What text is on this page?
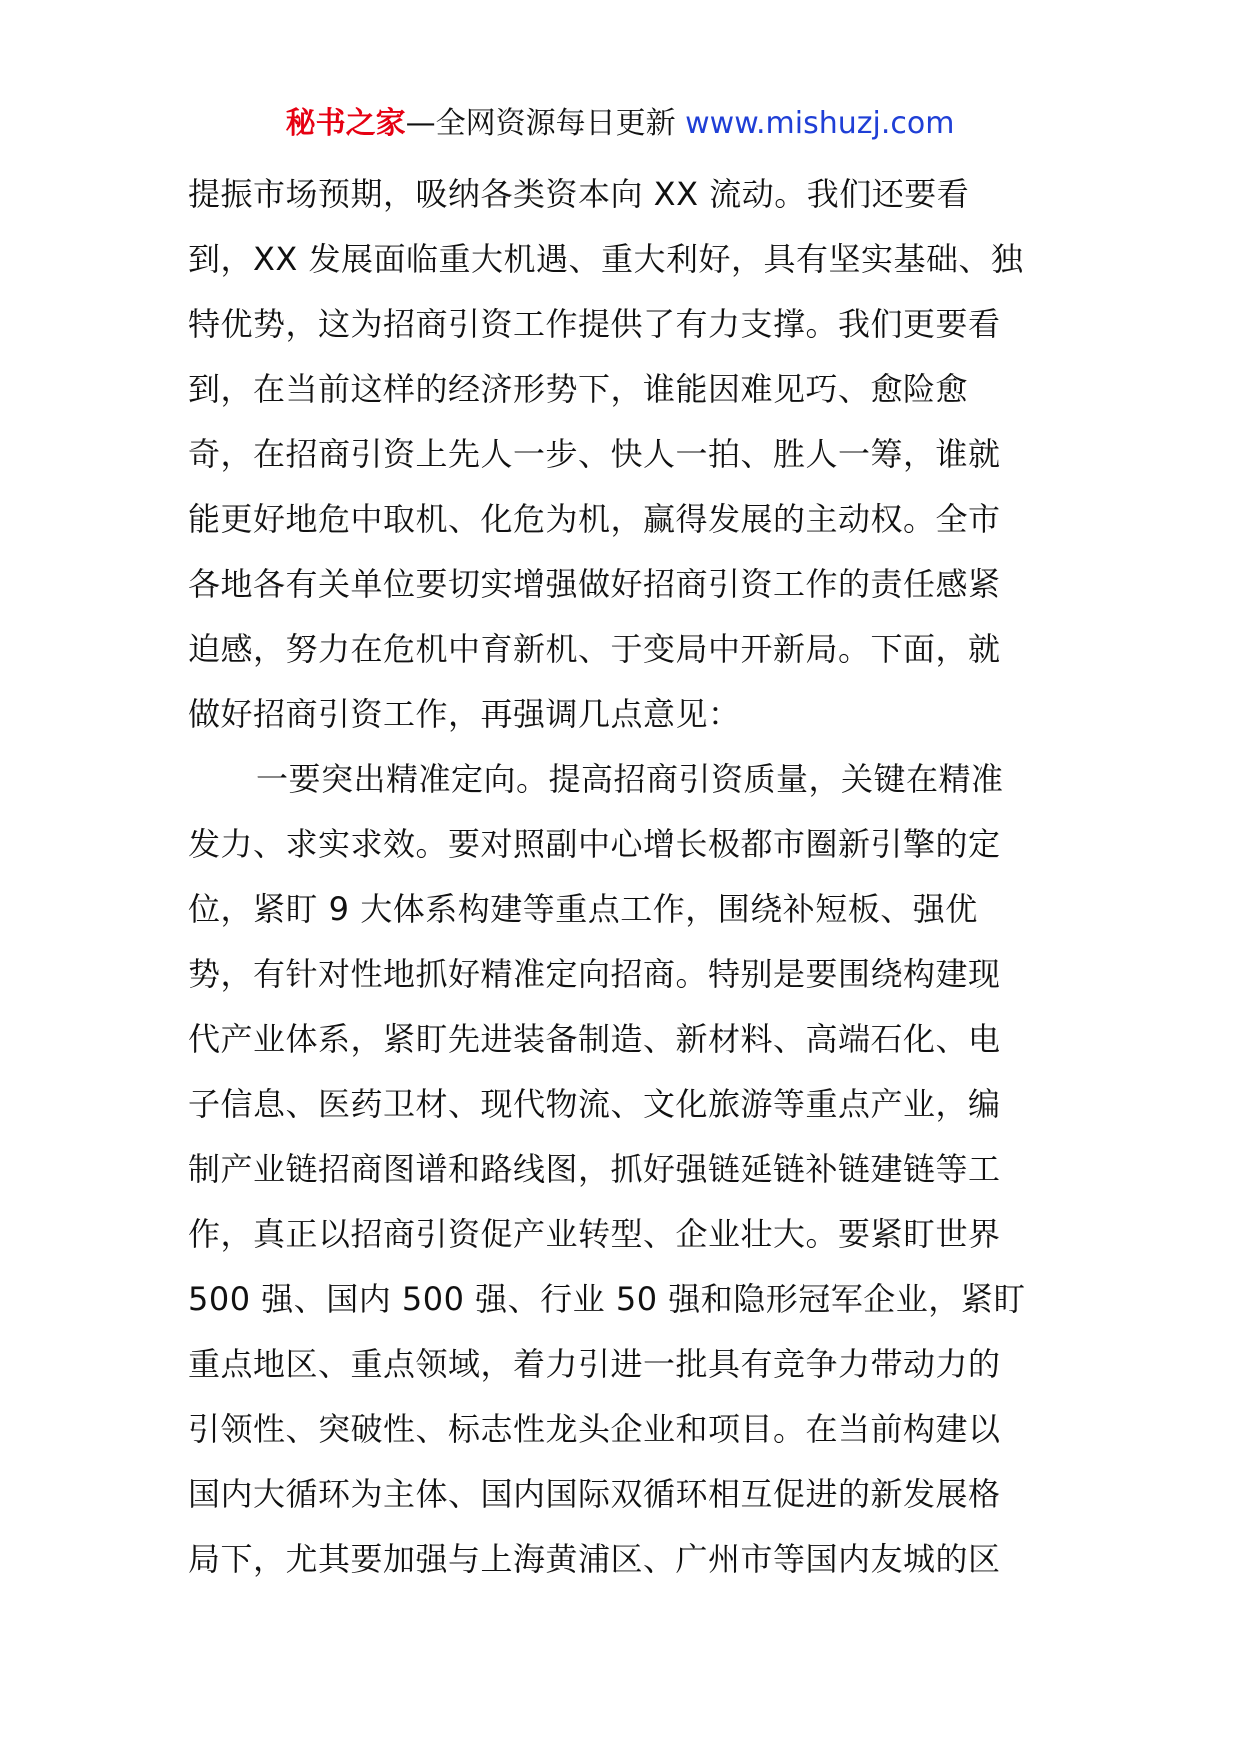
秘书之家—全网资源每日更新 www.mishuzj.com
提振市场预期，吸纳各类资本向 XX 流动。我们还要看
到，XX 发展面临重大机遇、重大利好，具有坚实基础、独
特优势，这为招商引资工作提供了有力支撑。我们更要看
到，在当前这样的经济形势下，谁能因难见巧、愈险愈
奇，在招商引资上先人一步、快人一拍、胜人一筹，谁就
能更好地危中取机、化危为机，赢得发展的主动权。全市
各地各有关单位要切实增强做好招商引资工作的责任感紧
迫感，努力在危机中育新机、于变局中开新局。下面，就
做好招商引资工作，再强调几点意见：
一要突出精准定向。提高招商引资质量，关键在精准
发力、求实求效。要对照副中心增长极都市圈新引擎的定
位，紧盯 9 大体系构建等重点工作，围绕补短板、强优
势，有针对性地抓好精准定向招商。特别是要围绕构建现
代产业体系，紧盯先进装备制造、新材料、高端石化、电
子信息、医药卫材、现代物流、文化旅游等重点产业，编
制产业链招商图谱和路线图，抓好强链延链补链建链等工
作，真正以招商引资促产业转型、企业壮大。要紧盯世界
500 强、国内 500 强、行业 50 强和隐形冠军企业，紧盯
重点地区、重点领域，着力引进一批具有竞争力带动力的
引领性、突破性、标志性龙头企业和项目。在当前构建以
国内大循环为主体、国内国际双循环相互促进的新发展格
局下，尤其要加强与上海黄浦区、广州市等国内友城的区
